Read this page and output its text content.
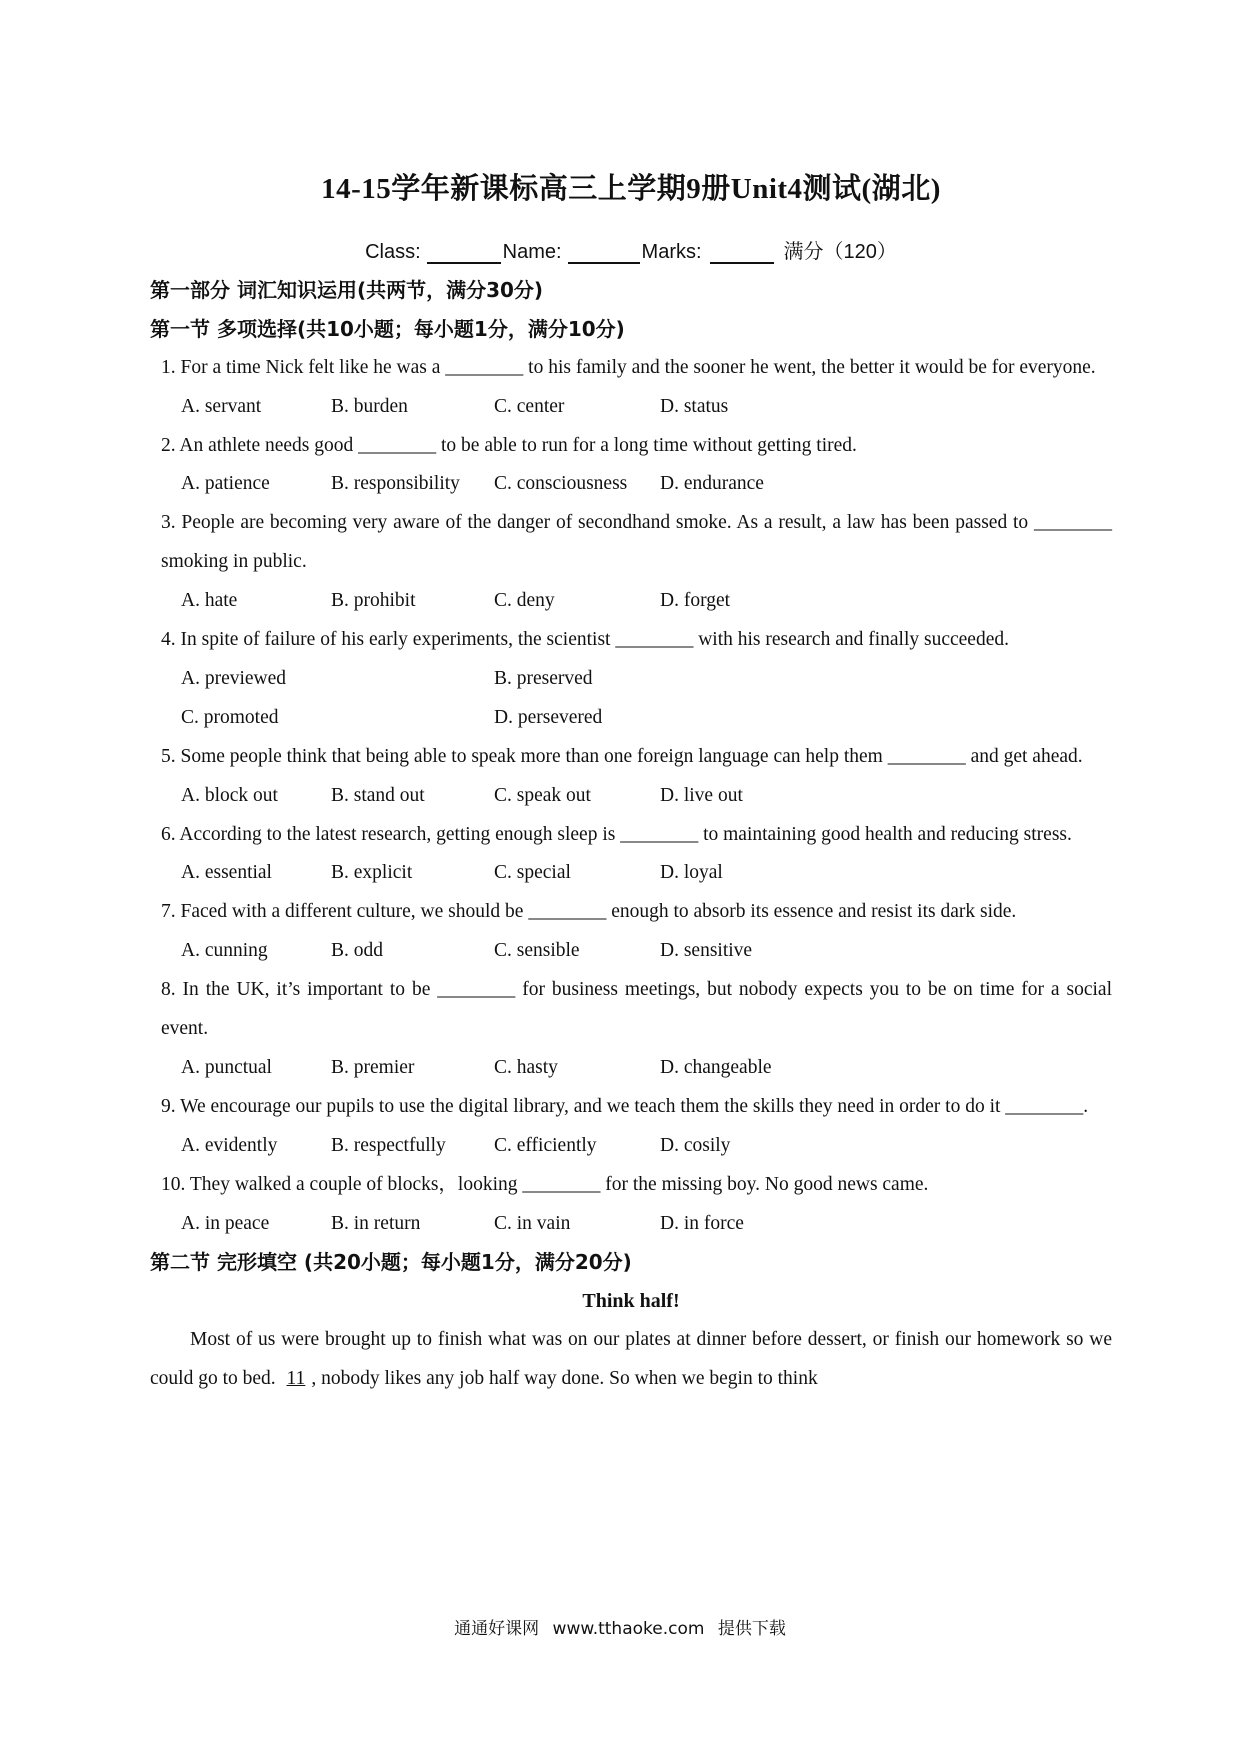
14-15学年新课标高三上学期9册Unit4测试(湖北)
Class:	Name:	Marks:	满分（120）
第一部分 词汇知识运用(共两节，满分30分)
第一节 多项选择(共10小题；每小题1分，满分10分)
1. For a time Nick felt like he was a ________ to his family and the sooner he went, the better it would be for everyone.
A. servant	B. burden	C. center	D. status
2. An athlete needs good ________ to be able to run for a long time without getting tired.
A. patience	B. responsibility C. consciousness D. endurance
3. People are becoming very aware of the danger of secondhand smoke. As a result, a law has been passed to ________ smoking in public.
A. hate	B. prohibit	C. deny	D. forget
4. In spite of failure of his early experiments, the scientist ________ with his research and finally succeeded.
A. previewed	B. preserved
C. promoted	D. persevered
5. Some people think that being able to speak more than one foreign language can help them ________ and get ahead.
A. block out	B. stand out	C. speak out	D. live out
6. According to the latest research, getting enough sleep is ________ to maintaining good health and reducing stress.
A. essential	B. explicit	C. special	D. loyal
7. Faced with a different culture, we should be ________ enough to absorb its essence and resist its dark side.
A. cunning	B. odd	C. sensible	D. sensitive
8. In the UK, it’s important to be ________ for business meetings, but nobody expects you to be on time for a social event.
A. punctual	B. premier	C. hasty	D. changeable
9. We encourage our pupils to use the digital library, and we teach them the skills they need in order to do it ________.
A. evidently	B. respectfully C. efficiently	D. cosily
10. They walked a couple of blocks，looking ________ for the missing boy. No good news came.
A. in peace	B. in return	C. in vain	D. in force
第二节 完形填空 (共20小题；每小题1分，满分20分)
Think half!
Most of us were brought up to finish what was on our plates at dinner before dessert, or finish our homework so we could go to bed. 11 , nobody likes any job half way done. So when we begin to think
通通好课网 www.tthaoke.com 提供下载
